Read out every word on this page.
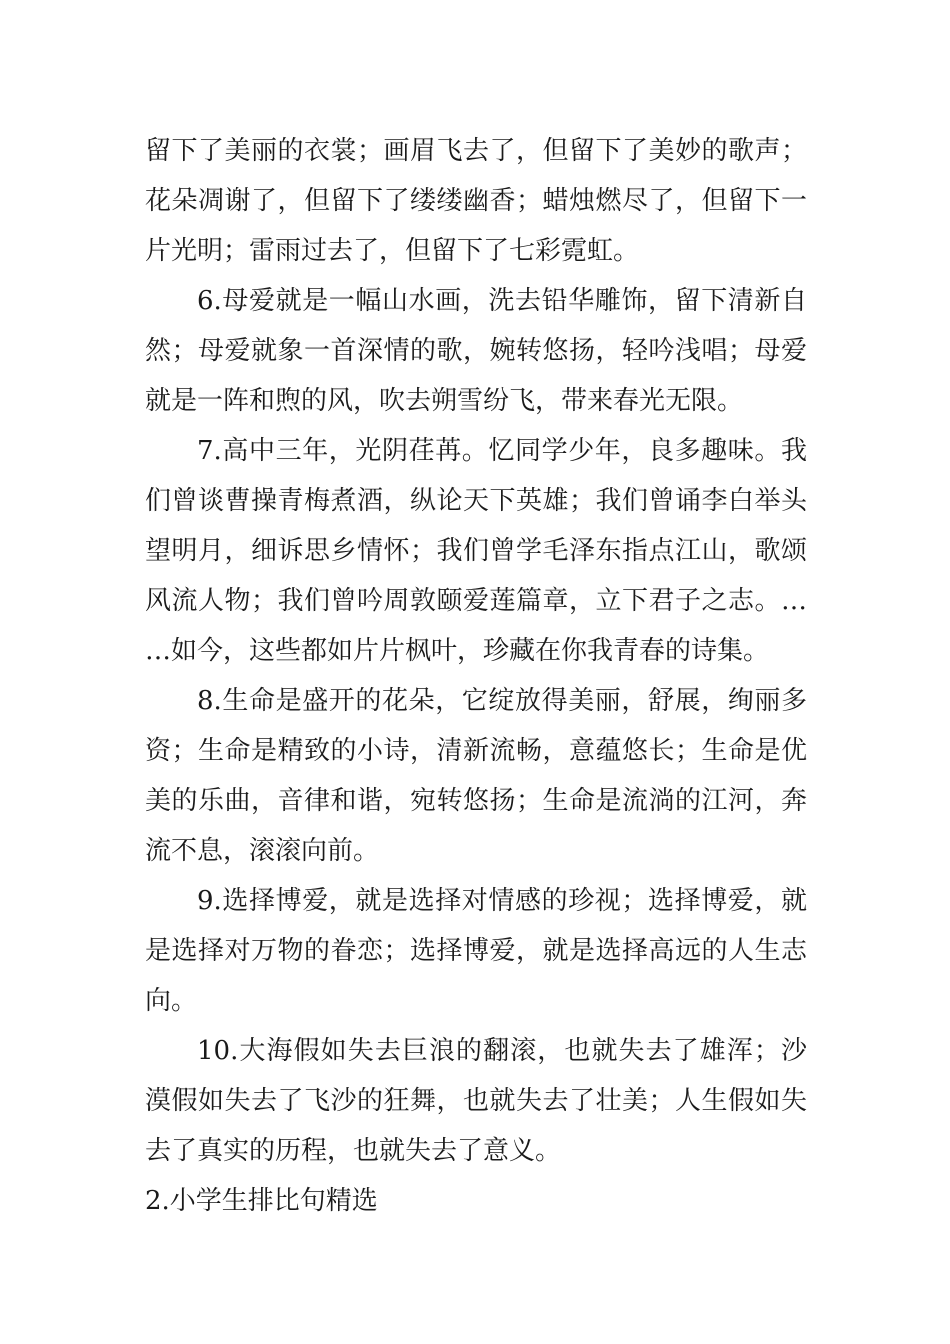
留下了美丽的衣裳；画眉飞去了，但留下了美妙的歌声；花朵凋谢了，但留下了缕缕幽香；蜡烛燃尽了，但留下一片光明；雷雨过去了，但留下了七彩霓虹。

6.母爱就是一幅山水画，洗去铅华雕饰，留下清新自然；母爱就象一首深情的歌，婉转悠扬，轻吟浅唱；母爱就是一阵和煦的风，吹去朔雪纷飞，带来春光无限。

7.高中三年，光阴荏苒。忆同学少年，良多趣味。我们曾谈曹操青梅煮酒，纵论天下英雄；我们曾诵李白举头望明月，细诉思乡情怀；我们曾学毛泽东指点江山，歌颂风流人物；我们曾吟周敦颐爱莲篇章，立下君子之志。……如今，这些都如片片枫叶，珍藏在你我青春的诗集。

8.生命是盛开的花朵，它绽放得美丽，舒展，绚丽多资；生命是精致的小诗，清新流畅，意蕴悠长；生命是优美的乐曲，音律和谐，宛转悠扬；生命是流淌的江河，奔流不息，滚滚向前。

9.选择博爱，就是选择对情感的珍视；选择博爱，就是选择对万物的眷恋；选择博爱，就是选择高远的人生志向。

10.大海假如失去巨浪的翻滚，也就失去了雄浑；沙漠假如失去了飞沙的狂舞，也就失去了壮美；人生假如失去了真实的历程，也就失去了意义。

2.小学生排比句精选
